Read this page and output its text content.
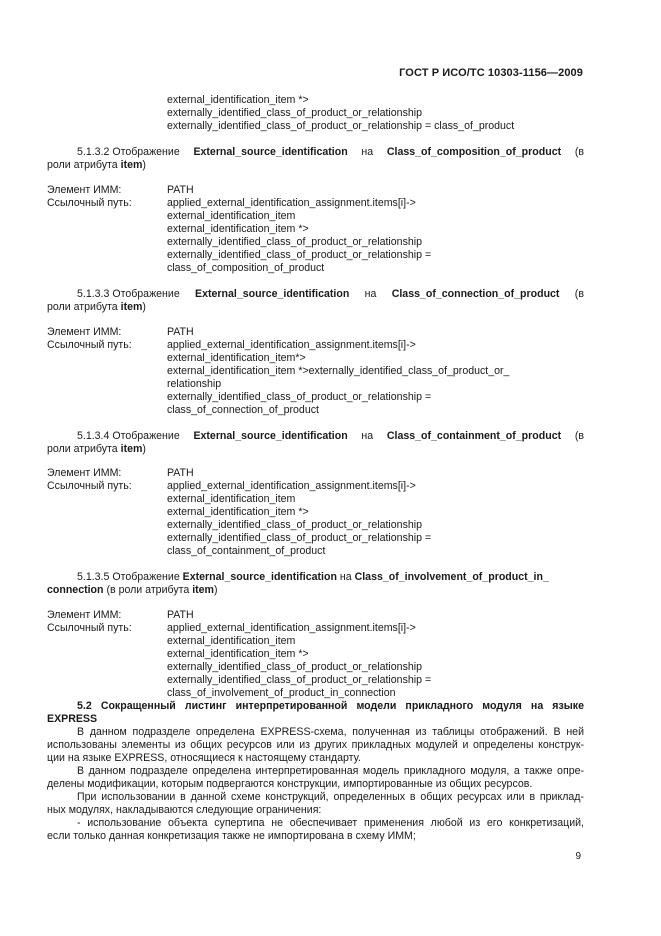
ГОСТ Р ИСО/ТС 10303-1156—2009
external_identification_item *>
externally_identified_class_of_product_or_relationship
externally_identified_class_of_product_or_relationship = class_of_product
5.1.3.2 Отображение External_source_identification на Class_of_composition_of_product (в
роли атрибута item)
Элемент ИММ:	PATH
Ссылочный путь:	applied_external_identification_assignment.items[i]->
external_identification_item
external_identification_item *>
externally_identified_class_of_product_or_relationship
externally_identified_class_of_product_or_relationship =
class_of_composition_of_product
5.1.3.3 Отображение External_source_identification на Class_of_connection_of_product (в
роли атрибута item)
Элемент ИММ:	PATH
Ссылочный путь:	applied_external_identification_assignment.items[i]->
external_identification_item*>
external_identification_item *>externally_identified_class_of_product_or_
relationship
externally_identified_class_of_product_or_relationship =
class_of_connection_of_product
5.1.3.4 Отображение External_source_identification на Class_of_containment_of_product (в
роли атрибута item)
Элемент ИММ:	PATH
Ссылочный путь:	applied_external_identification_assignment.items[i]->
external_identification_item
external_identification_item *>
externally_identified_class_of_product_or_relationship
externally_identified_class_of_product_or_relationship =
class_of_containment_of_product
5.1.3.5 Отображение External_source_identification на Class_of_involvement_of_product_in_
connection (в роли атрибута item)
Элемент ИММ:	PATH
Ссылочный путь:	applied_external_identification_assignment.items[i]->
external_identification_item
external_identification_item *>
externally_identified_class_of_product_or_relationship
externally_identified_class_of_product_or_relationship =
class_of_involvement_of_product_in_connection
5.2 Сокращенный листинг интерпретированной модели прикладного модуля на языке
EXPRESS
В данном подразделе определена EXPRESS-схема, полученная из таблицы отображений. В ней
использованы элементы из общих ресурсов или из других прикладных модулей и определены конструк-
ции на языке EXPRESS, относящиеся к настоящему стандарту.
В данном подразделе определена интерпретированная модель прикладного модуля, а также опре-
делены модификации, которым подвергаются конструкции, импортированные из общих ресурсов.
При использовании в данной схеме конструкций, определенных в общих ресурсах или в приклад-
ных модулях, накладываются следующие ограничения:
- использование объекта супертипа не обеспечивает применения любой из его конкретизаций,
если только данная конкретизация также не импортирована в схему ИММ;
9
